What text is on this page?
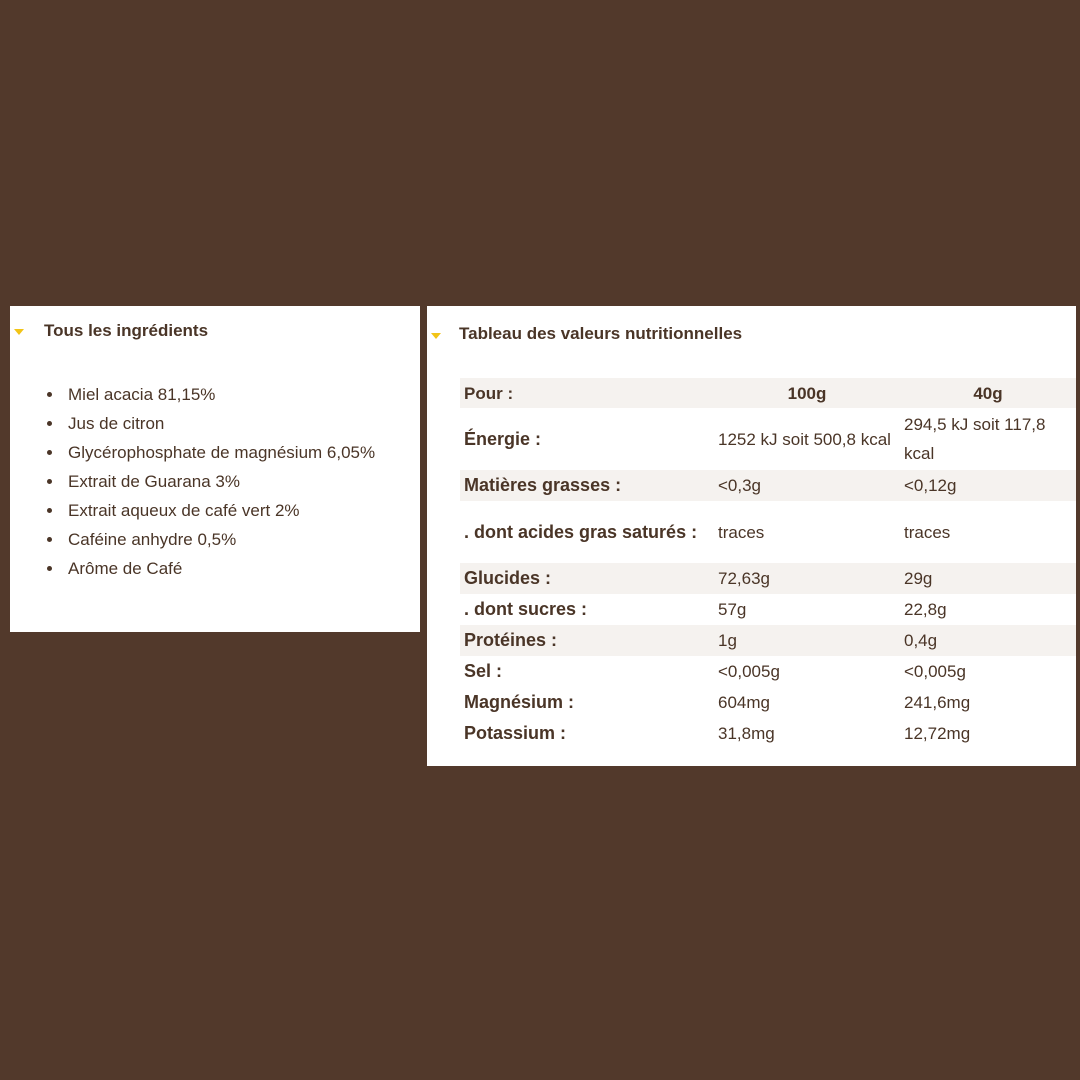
Tous les ingrédients
Miel acacia 81,15%
Jus de citron
Glycérophosphate de magnésium 6,05%
Extrait de Guarana 3%
Extrait aqueux de café vert 2%
Caféine anhydre 0,5%
Arôme de Café
Tableau des valeurs nutritionnelles
Pour :	100g	40g
Énergie :	1252 kJ soit 500,8 kcal	294,5 kJ soit 117,8 kcal
Matières grasses :	<0,3g	<0,12g
. dont acides gras saturés :	traces	traces
Glucides :	72,63g	29g
. dont sucres :	57g	22,8g
Protéines :	1g	0,4g
Sel :	<0,005g	<0,005g
Magnésium :	604mg	241,6mg
Potassium :	31,8mg	12,72mg
